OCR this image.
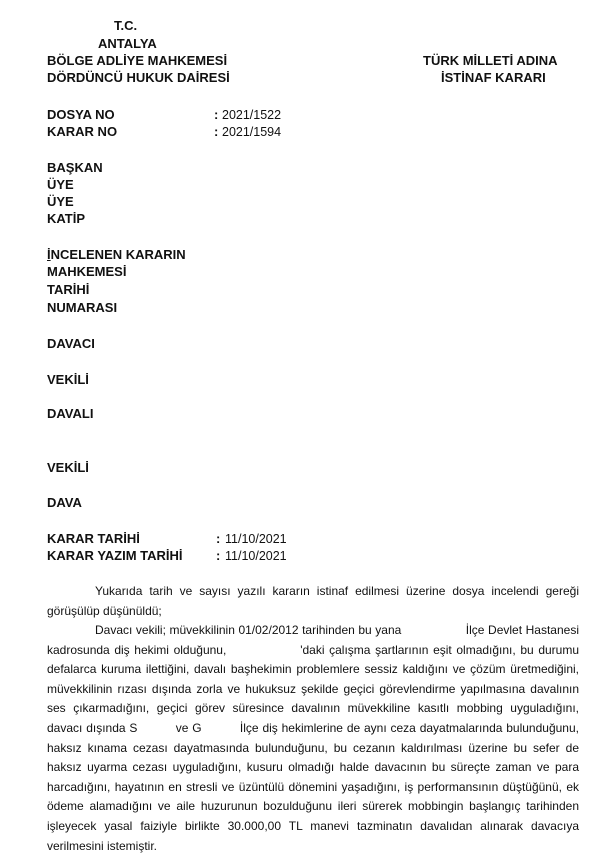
T.C.
ANTALYA
BÖLGE ADLİYE MAHKEMESİ
DÖRDÜNCÜ HUKUK DAİRESİ
TÜRK MİLLETİ ADINA
İSTİNAF KARARI
DOSYA NO	: 2021/1522
KARAR NO	: 2021/1594
BAŞKAN
ÜYE
ÜYE
KATİP
İNCELENEN KARARIN
MAHKEMESİ
TARİHİ
NUMARASI
DAVACI
VEKİLİ
DAVALI
VEKİLİ
DAVA
KARAR TARİHİ	: 11/10/2021
KARAR YAZIM TARİHİ	: 11/10/2021

Yukarıda tarih ve sayısı yazılı kararın istinaf edilmesi üzerine dosya incelendi gereği görüşülüp düşünüldü;

Davacı vekili; müvekkilinin 01/02/2012 tarihinden bu yana                  İlçe Devlet Hastanesi kadrosunda diş hekimi olduğunu,                'daki çalışma şartlarının eşit olmadığını, bu durumu defalarca kuruma ilettiğini, davalı başhekimin problemlere sessiz kaldığını ve çözüm üretmediğini, müvekkilinin rızası dışında zorla ve hukuksuz şekilde geçici görevlendirme yapılmasına davalının ses çıkarmadığını, geçici görev süresince davalının müvekkiline kasıtlı mobbing uyguladığını, davacı dışında S          ve G          İlçe diş hekimlerine de aynı ceza dayatmalarında bulunduğunu, haksız kınama cezası dayatmasında bulunduğunu, bu cezanın kaldırılması üzerine bu sefer de haksız uyarma cezası uyguladığını, kusuru olmadığı halde davacının bu süreçte zaman ve para harcadığını, hayatının en stresli ve üzüntülü dönemini yaşadığını, iş performansının düştüğünü, ek ödeme alamadığını ve aile huzurunun bozulduğunu ileri sürerek mobbingin başlangıç tarihinden işleyecek yasal faiziyle birlikte 30.000,00 TL manevi tazminatın davalıdan alınarak davacıya verilmesini istemiştir.
